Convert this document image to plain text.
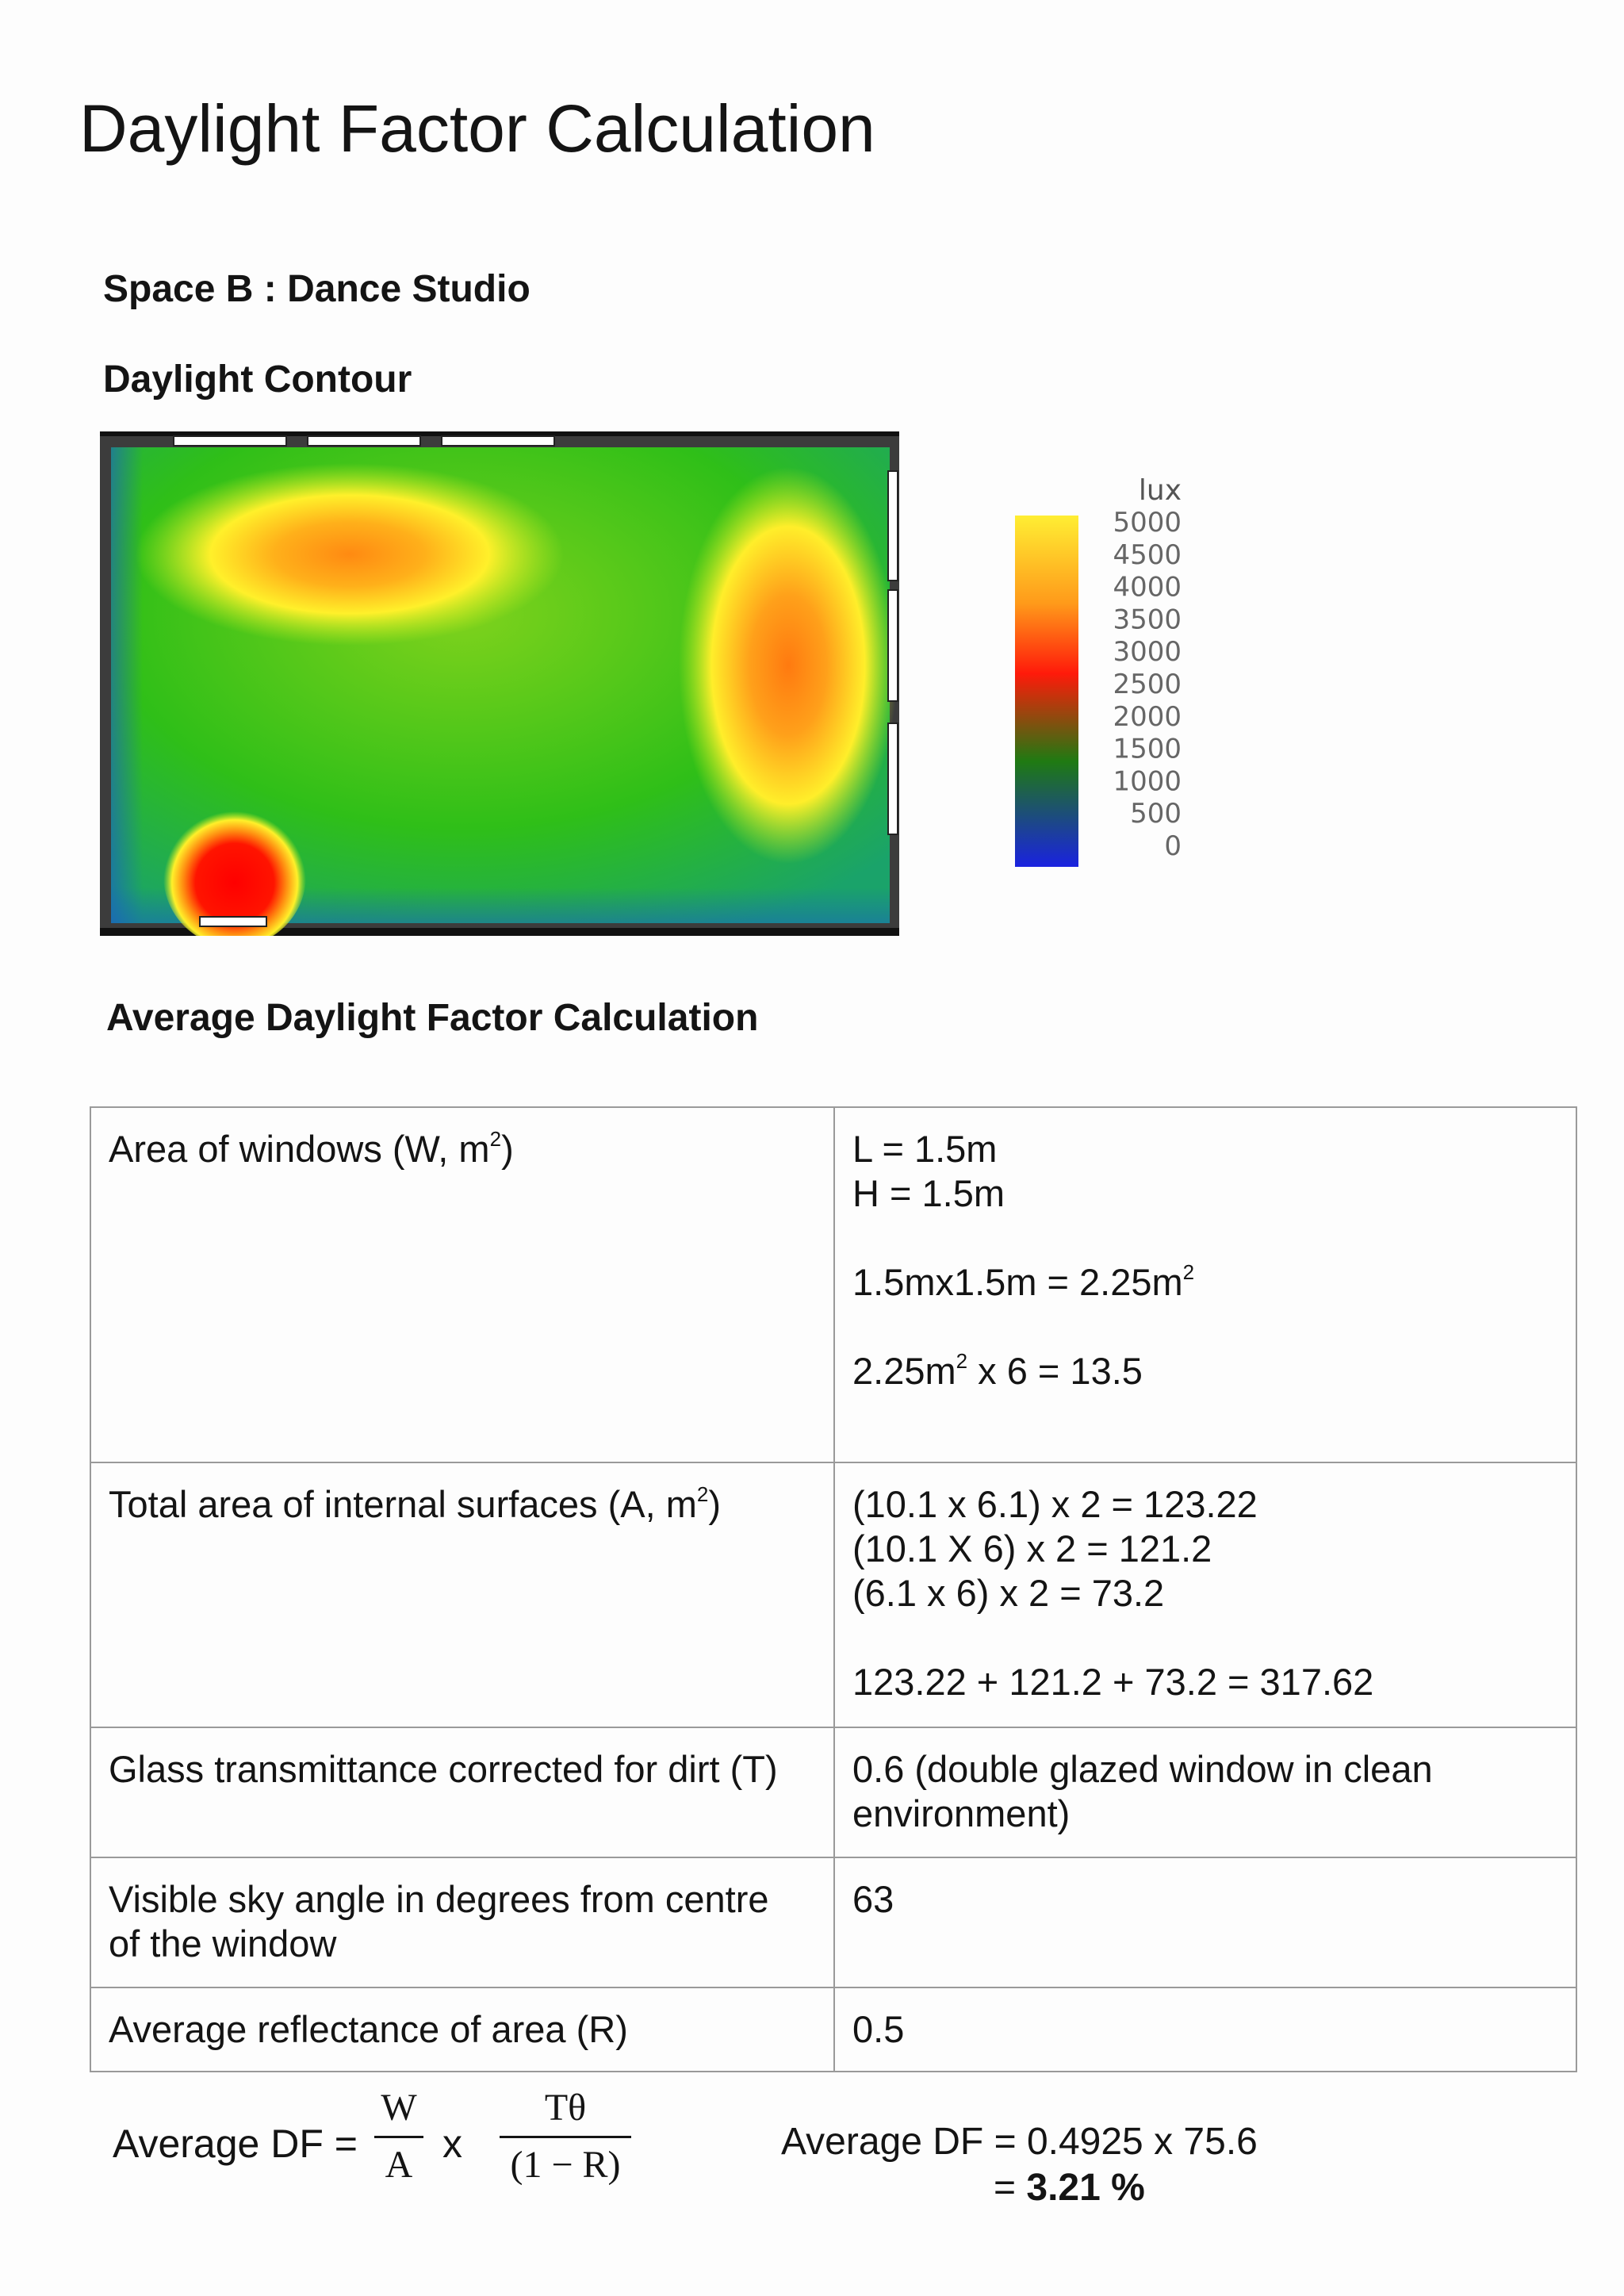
Daylight Factor Calculation
Space B : Dance Studio
Daylight Contour
lux
5000
4500
4000
3500
3000
2500
2000
1500
1000
500
0
Average Daylight Factor Calculation
Area of windows (W, $m^2$)	L = 1.5m
H = 1.5m
$1.5mx1.5m = 2.25m^2$
$2.25m^2$ x 6 = 13.5

Total area of internal surfaces (A, $m^2$)	(10.1 x 6.1) x 2 = 123.22
(10.1 X 6) x 2 = 121.2
(6.1 x 6) x 2 = 73.2
123.22 + 121.2 + 73.2 = 317.62

Glass transmittance corrected for dirt (T)	0.6 (double glazed window in clean
environment)

Visible sky angle in degrees from centre
of the window	63

Average reflectance of area (R)	0.5
Average DF =
W
A x
Tθ
(1 − R)
Average DF = 0.4925 x 75.6
= 3.21 %
